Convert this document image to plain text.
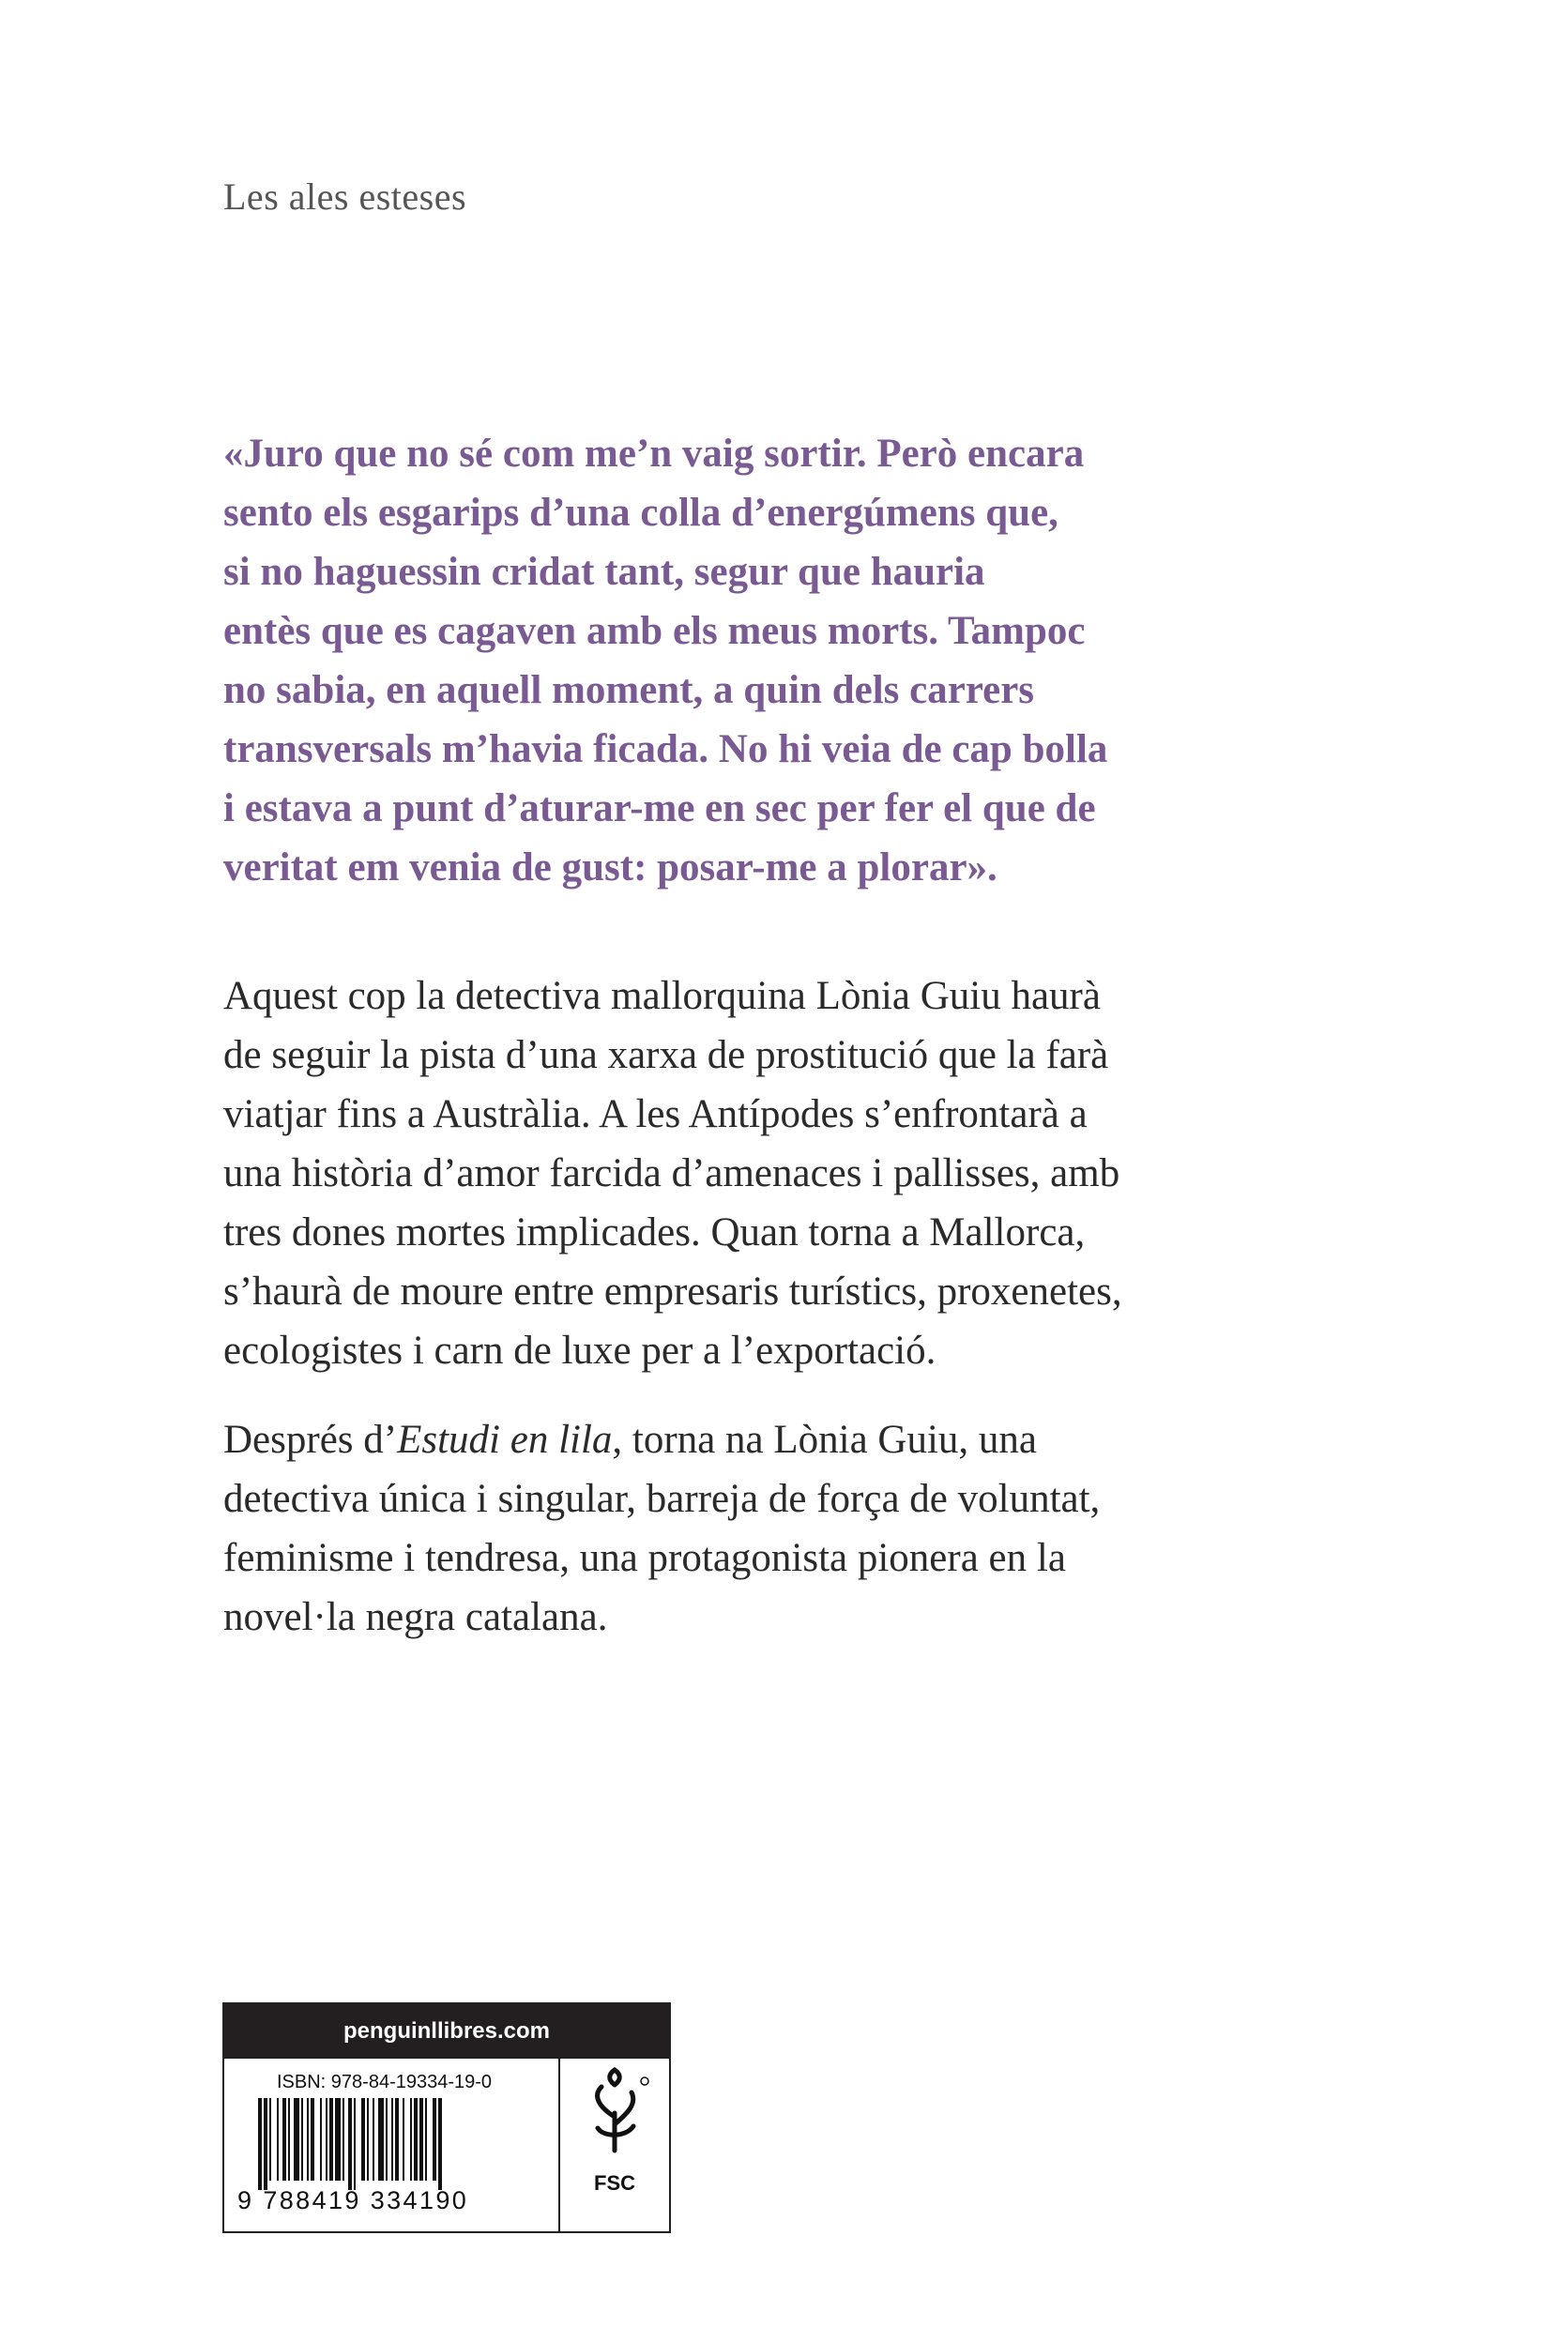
Les ales esteses
«Juro que no sé com me’n vaig sortir. Però encara
sento els esgarips d’una colla d’energúmens que,
si no haguessin cridat tant, segur que hauria
entès que es cagaven amb els meus morts. Tampoc
no sabia, en aquell moment, a quin dels carrers
transversals m’havia ficada. No hi veia de cap bolla
i estava a punt d’aturar-me en sec per fer el que de
veritat em venia de gust: posar-me a plorar».
Aquest cop la detectiva mallorquina Lònia Guiu haurà
de seguir la pista d’una xarxa de prostitució que la farà
viatjar fins a Austràlia. A les Antípodes s’enfrontarà a
una història d’amor farcida d’amenaces i pallisses, amb
tres dones mortes implicades. Quan torna a Mallorca,
s’haurà de moure entre empresaris turístics, proxenetes,
ecologistes i carn de luxe per a l’exportació.
Després d’Estudi en lila, torna na Lònia Guiu, una
detectiva única i singular, barreja de força de voluntat,
feminisme i tendresa, una protagonista pionera en la
novel·la negra catalana.
penguinllibres.com
ISBN: 978-84-19334-19-0
9 788419 334190
FSC
